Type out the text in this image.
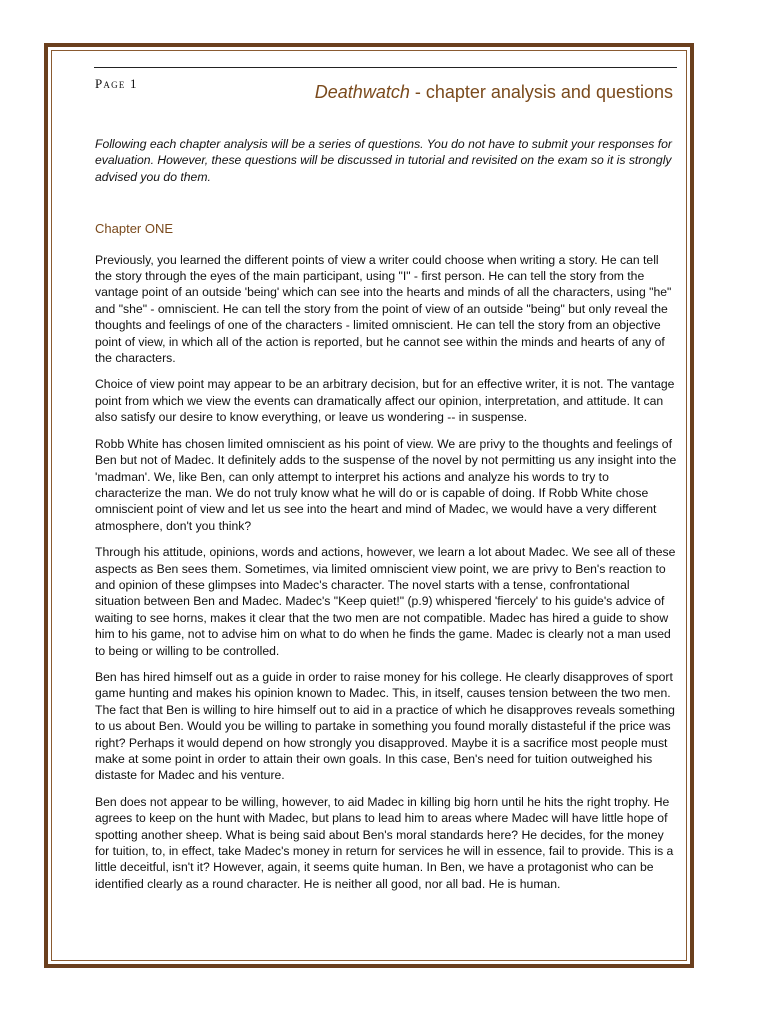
Page 1	Deathwatch - chapter analysis and questions

Following each chapter analysis will be a series of questions. You do not have to submit your responses for evaluation. However, these questions will be discussed in tutorial and revisited on the exam so it is strongly advised you do them.

Chapter ONE

Previously, you learned the different points of view a writer could choose when writing a story. He can tell the story through the eyes of the main participant, using "I" - first person. He can tell the story from the vantage point of an outside 'being' which can see into the hearts and minds of all the characters, using "he" and "she" - omniscient. He can tell the story from the point of view of an outside "being" but only reveal the thoughts and feelings of one of the characters - limited omniscient. He can tell the story from an objective point of view, in which all of the action is reported, but he cannot see within the minds and hearts of any of the characters.

Choice of view point may appear to be an arbitrary decision, but for an effective writer, it is not. The vantage point from which we view the events can dramatically affect our opinion, interpretation, and attitude. It can also satisfy our desire to know everything, or leave us wondering -- in suspense.

Robb White has chosen limited omniscient as his point of view. We are privy to the thoughts and feelings of Ben but not of Madec. It definitely adds to the suspense of the novel by not permitting us any insight into the 'madman'. We, like Ben, can only attempt to interpret his actions and analyze his words to try to characterize the man. We do not truly know what he will do or is capable of doing. If Robb White chose omniscient point of view and let us see into the heart and mind of Madec, we would have a very different atmosphere, don't you think?

Through his attitude, opinions, words and actions, however, we learn a lot about Madec. We see all of these aspects as Ben sees them. Sometimes, via limited omniscient view point, we are privy to Ben's reaction to and opinion of these glimpses into Madec's character. The novel starts with a tense, confrontational situation between Ben and Madec. Madec's "Keep quiet!" (p.9) whispered 'fiercely' to his guide's advice of waiting to see horns, makes it clear that the two men are not compatible. Madec has hired a guide to show him to his game, not to advise him on what to do when he finds the game. Madec is clearly not a man used to being or willing to be controlled.

Ben has hired himself out as a guide in order to raise money for his college. He clearly disapproves of sport game hunting and makes his opinion known to Madec. This, in itself, causes tension between the two men. The fact that Ben is willing to hire himself out to aid in a practice of which he disapproves reveals something to us about Ben. Would you be willing to partake in something you found morally distasteful if the price was right? Perhaps it would depend on how strongly you disapproved. Maybe it is a sacrifice most people must make at some point in order to attain their own goals. In this case, Ben's need for tuition outweighed his distaste for Madec and his venture.

Ben does not appear to be willing, however, to aid Madec in killing big horn until he hits the right trophy. He agrees to keep on the hunt with Madec, but plans to lead him to areas where Madec will have little hope of spotting another sheep. What is being said about Ben's moral standards here? He decides, for the money for tuition, to, in effect, take Madec's money in return for services he will in essence, fail to provide. This is a little deceitful, isn't it? However, again, it seems quite human. In Ben, we have a protagonist who can be identified clearly as a round character. He is neither all good, nor all bad. He is human.
